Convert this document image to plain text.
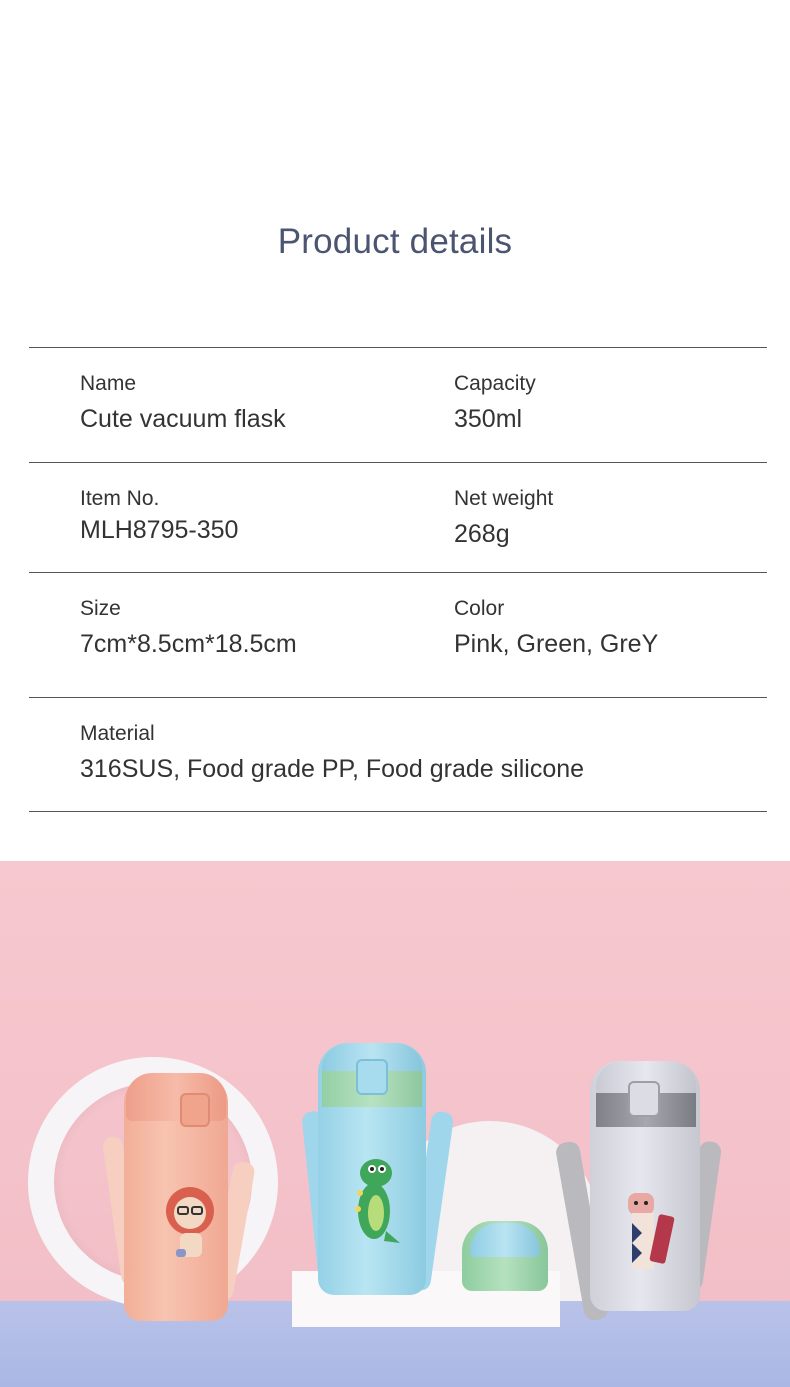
Product details
Name
Cute vacuum flask
Capacity
350ml
Item No.
MLH8795-350
Net weight
268g
Size
7cm*8.5cm*18.5cm
Color
Pink, Green, GreY
Material
316SUS, Food grade PP, Food grade silicone
